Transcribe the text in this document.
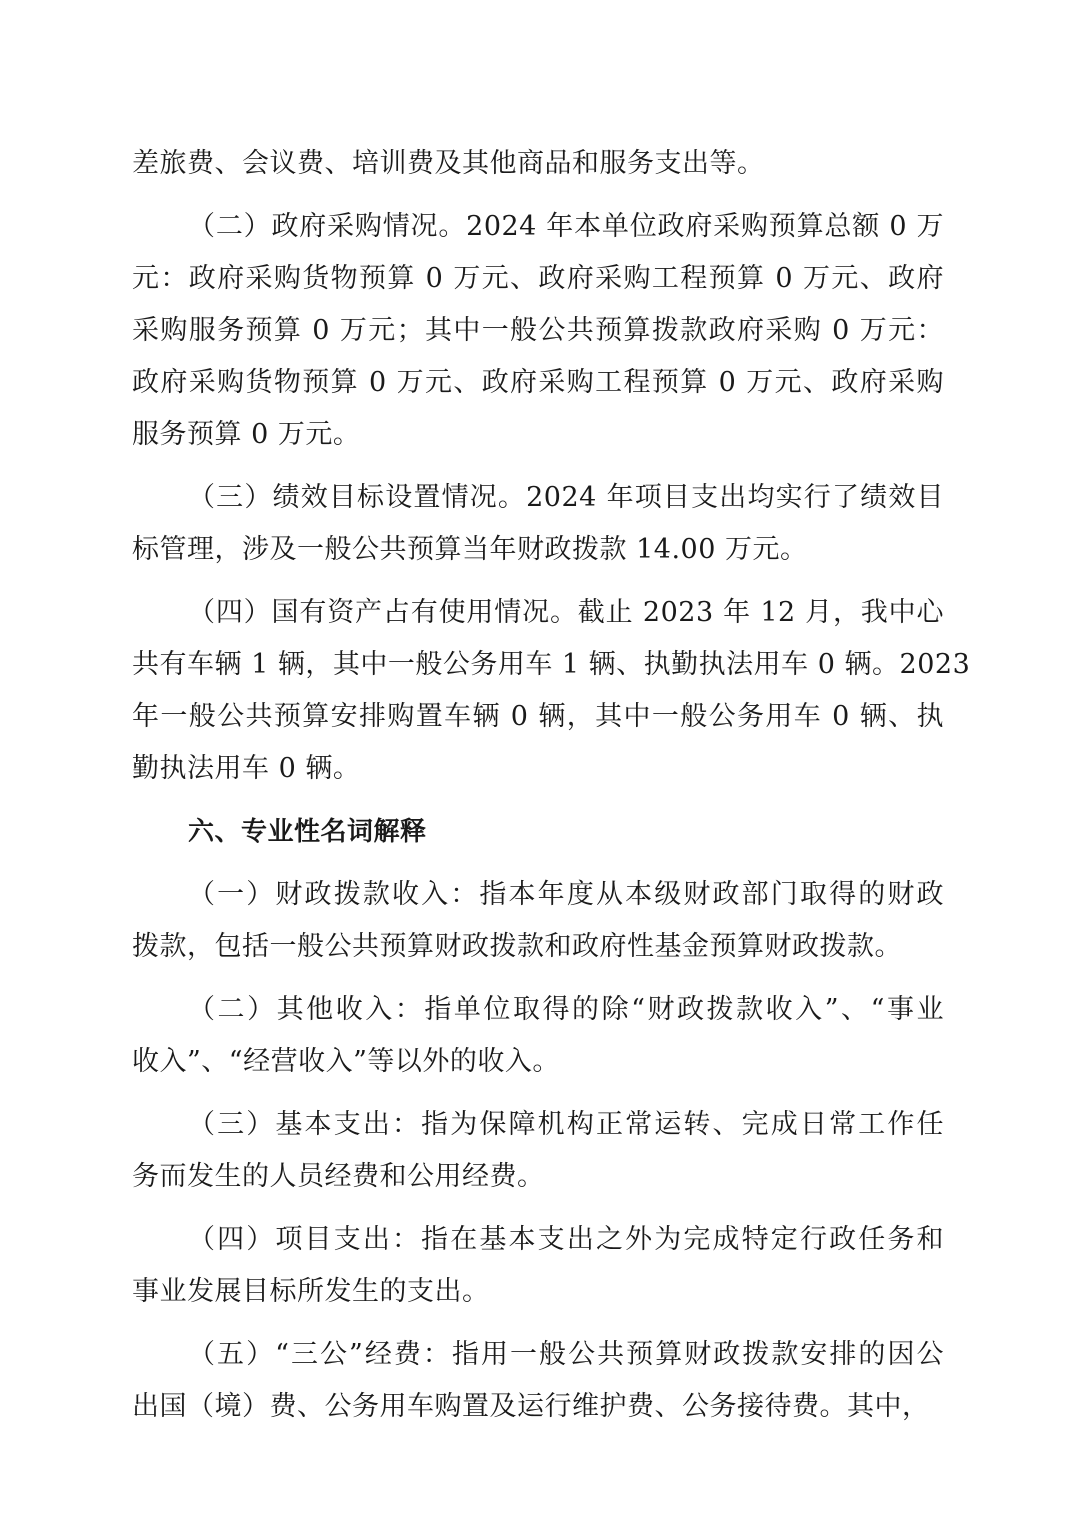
差旅费、会议费、培训费及其他商品和服务支出等。
（二）政府采购情况。2024 年本单位政府采购预算总额 0 万
元：政府采购货物预算 0 万元、政府采购工程预算 0 万元、政府
采购服务预算 0 万元；其中一般公共预算拨款政府采购 0 万元：
政府采购货物预算 0 万元、政府采购工程预算 0 万元、政府采购
服务预算 0 万元。
（三）绩效目标设置情况。2024 年项目支出均实行了绩效目
标管理，涉及一般公共预算当年财政拨款 14.00 万元。
（四）国有资产占有使用情况。截止 2023 年 12 月，我中心
共有车辆 1 辆，其中一般公务用车 1 辆、执勤执法用车 0 辆。2023
年一般公共预算安排购置车辆 0 辆，其中一般公务用车 0 辆、执
勤执法用车 0 辆。
六、专业性名词解释
（一）财政拨款收入：指本年度从本级财政部门取得的财政
拨款，包括一般公共预算财政拨款和政府性基金预算财政拨款。
（二）其他收入：指单位取得的除“财政拨款收入”、“事业
收入”、“经营收入”等以外的收入。
（三）基本支出：指为保障机构正常运转、完成日常工作任
务而发生的人员经费和公用经费。
（四）项目支出：指在基本支出之外为完成特定行政任务和
事业发展目标所发生的支出。
（五）“三公”经费：指用一般公共预算财政拨款安排的因公
出国（境）费、公务用车购置及运行维护费、公务接待费。其中，
